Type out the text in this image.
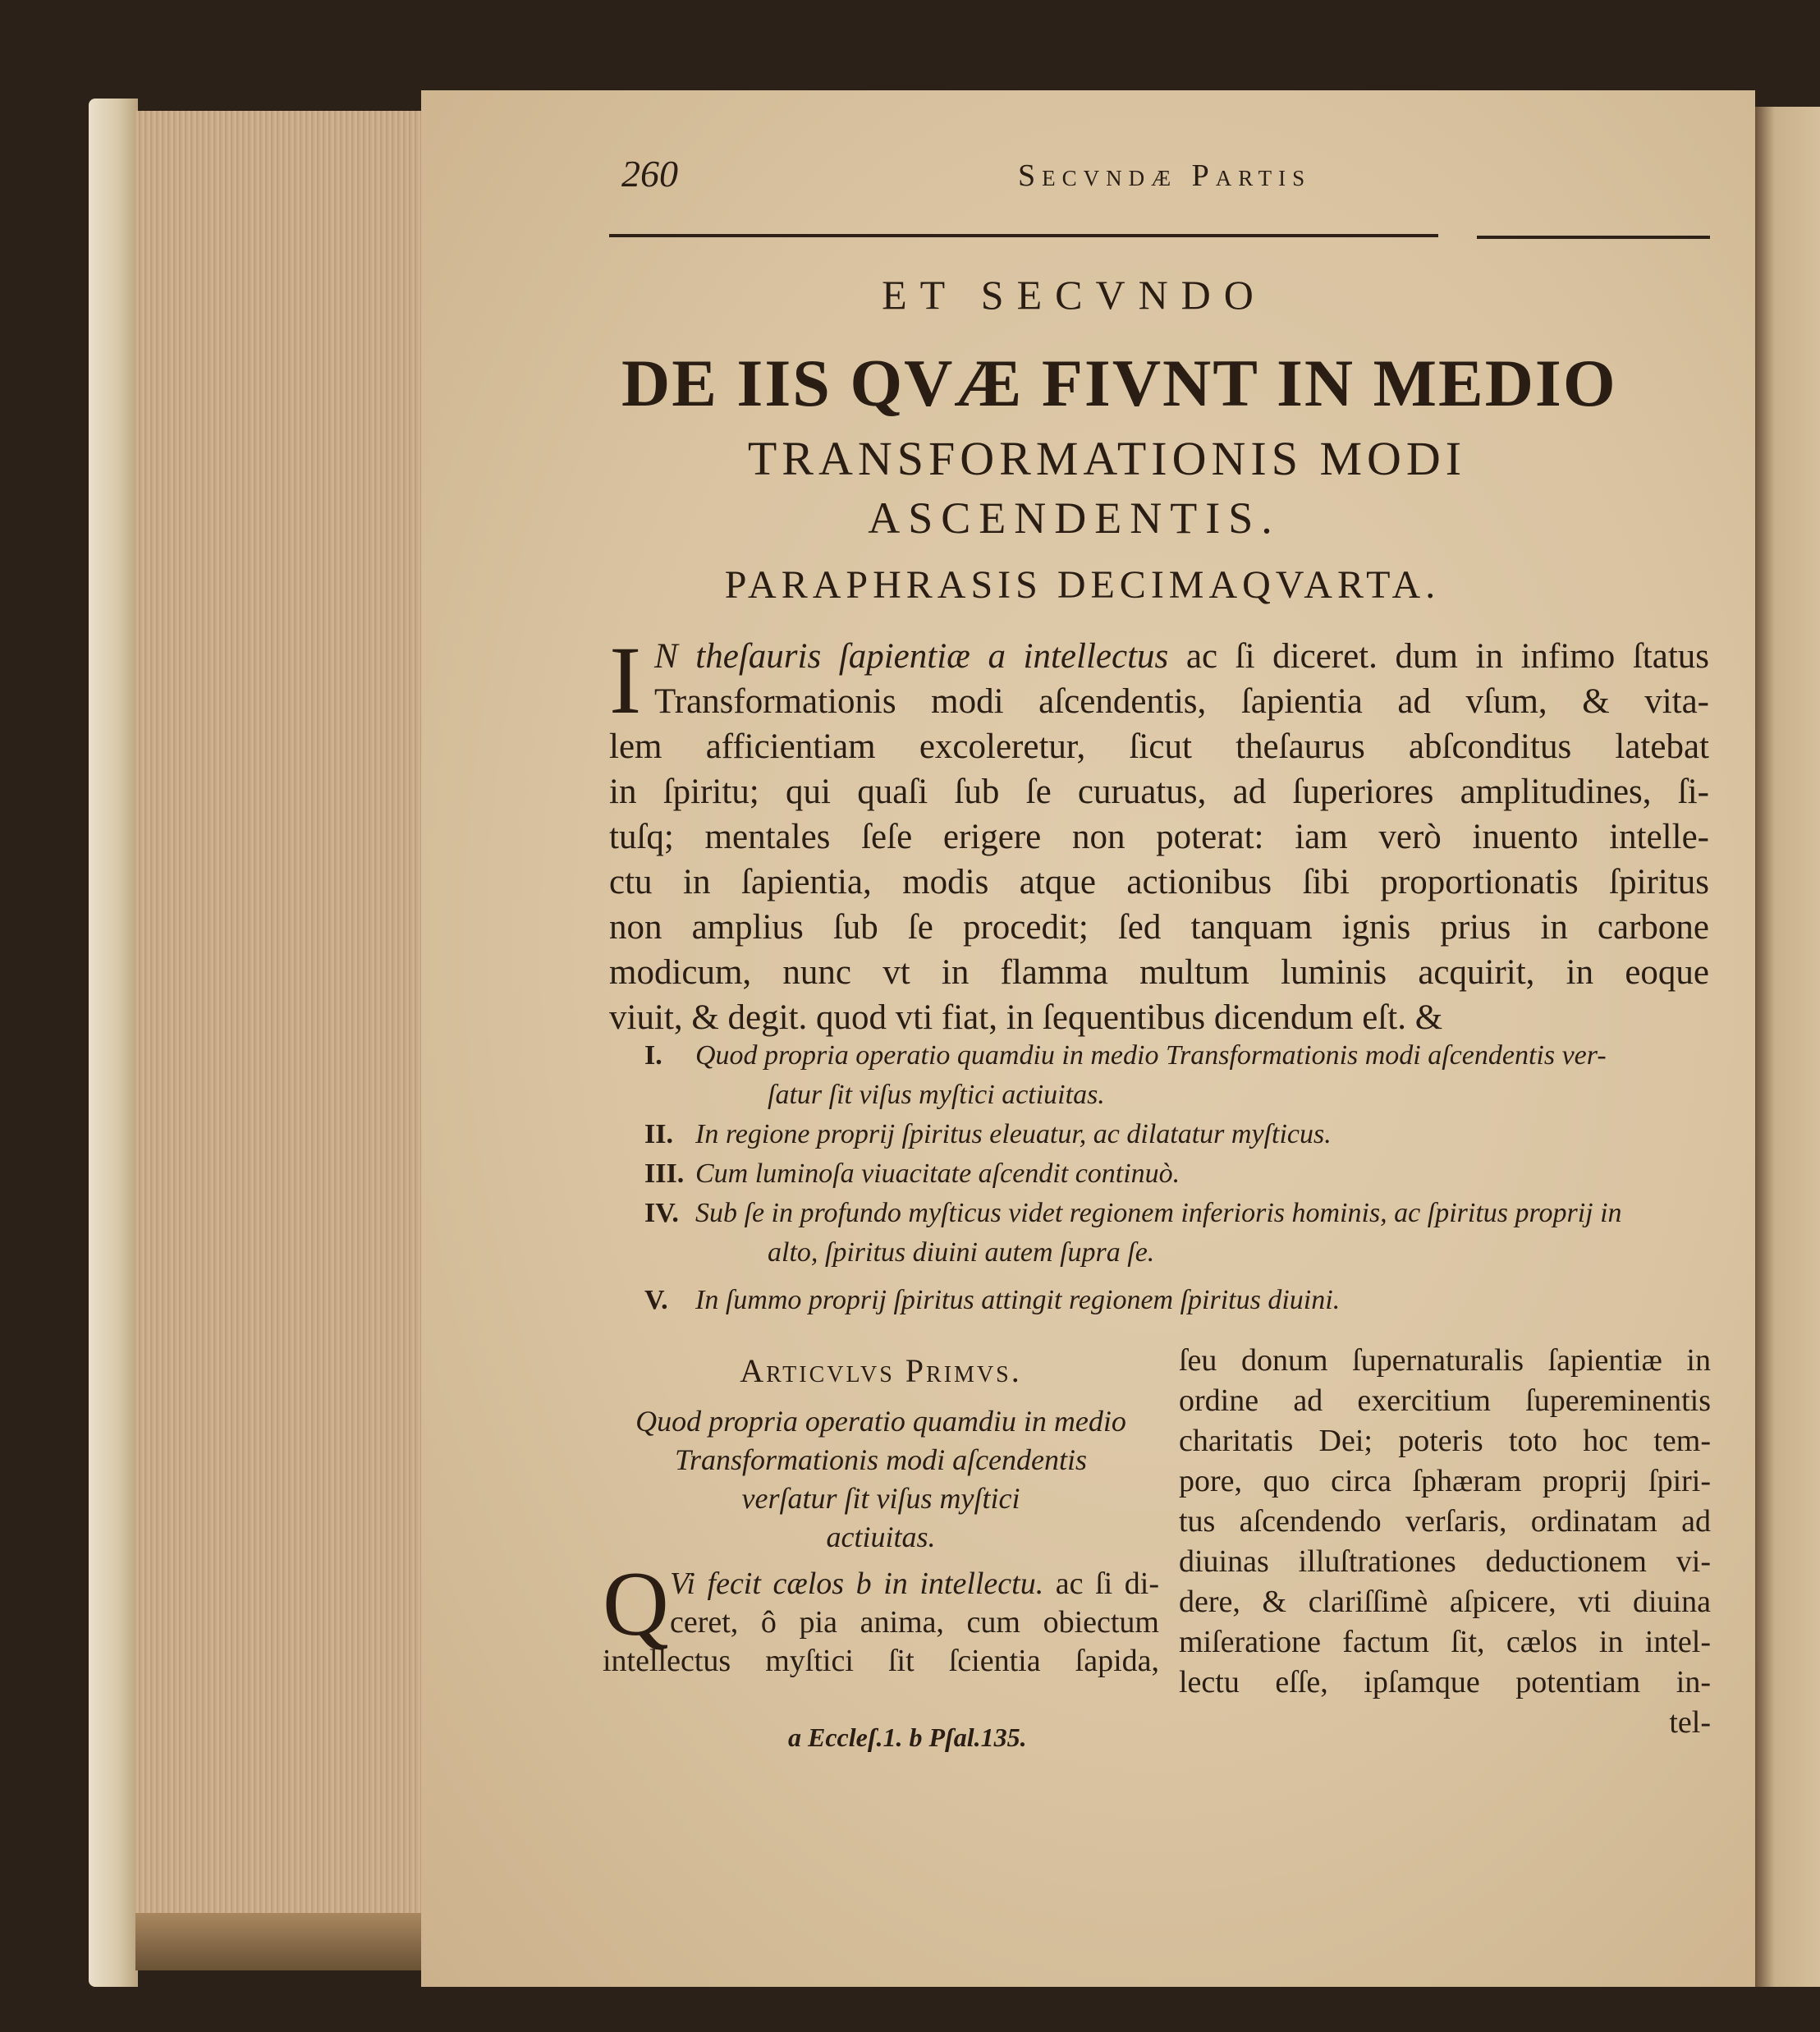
260	Secvndæ Partis
ET SECVNDO
DE IIS QVÆ FIVNT IN MEDIO
TRANSFORMATIONIS MODI
ASCENDENTIS.
PARAPHRASIS DECIMAQVARTA.
I N theſauris ſapientiæ a intellectus ac ſi diceret. dum in infimo ſtatus
Transformationis modi aſcendentis, ſapientia ad vſum, & vita-
lem afficientiam excoleretur, ſicut theſaurus abſconditus latebat
in ſpiritu; qui quaſi ſub ſe curuatus, ad ſuperiores amplitudines, ſi-
tuſq; mentales ſeſe erigere non poterat: iam verò inuento intelle-
ctu in ſapientia, modis atque actionibus ſibi proportionatis ſpiritus
non amplius ſub ſe procedit; ſed tanquam ignis prius in carbone
modicum, nunc vt in flamma multum luminis acquirit, in eoque
viuit, & degit. quod vti fiat, in ſequentibus dicendum eſt. &
I. Quod propria operatio quamdiu in medio Transformationis modi aſcendentis ver-
ſatur ſit viſus myſtici actiuitas.
II. In regione proprij ſpiritus eleuatur, ac dilatatur myſticus.
III. Cum luminoſa viuacitate aſcendit continuò.
IV. Sub ſe in profundo myſticus videt regionem inferioris hominis, ac ſpiritus proprij in
alto, ſpiritus diuini autem ſupra ſe.
V. In ſummo proprij ſpiritus attingit regionem ſpiritus diuini.
Articvlvs Primvs.
Quod propria operatio quamdiu in medio
Transformationis modi aſcendentis
verſatur ſit viſus myſtici
actiuitas.
Q Vi fecit cælos b in intellectu. ac ſi di-
ceret, ô pia anima, cum obiectum
intellectus myſtici ſit ſcientia ſapida,
ſeu donum ſupernaturalis ſapientiæ in
ordine ad exercitium ſupereminentis
charitatis Dei; poteris toto hoc tem-
pore, quo circa ſphæram proprij ſpiri-
tus aſcendendo verſaris, ordinatam ad
diuinas illuſtrationes deductionem vi-
dere, & clariſſimè aſpicere, vti diuina
miſeratione factum ſit, cælos in intel-
lectu eſſe, ipſamque potentiam in-
tel-
a Eccleſ.1. b Pſal.135.
